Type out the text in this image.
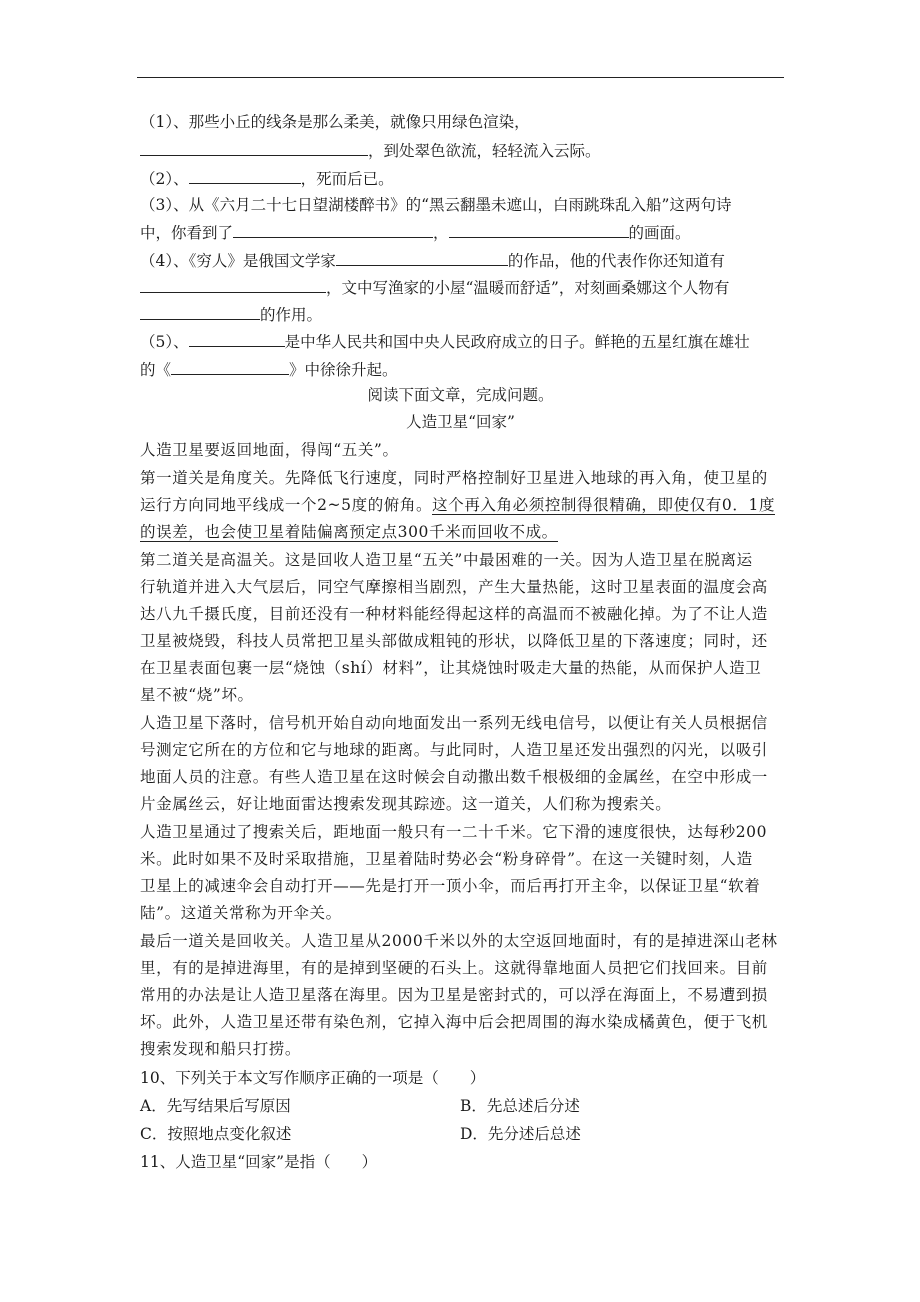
（1）、那些小丘的线条是那么柔美，就像只用绿色渲染，
，到处翠色欲流，轻轻流入云际。
（2）、	，死而后已。
（3）、从《六月二十七日望湖楼醉书》的“黑云翻墨未遮山，白雨跳珠乱入船”这两句诗
中，你看到了	，	的画面。
（4）、《穷人》是俄国文学家	的作品，他的代表作你还知道有
，文中写渔家的小屋“温暖而舒适”，对刻画桑娜这个人物有
的作用。
（5）、	是中华人民共和国中央人民政府成立的日子。鲜艳的五星红旗在雄壮
的《	》中徐徐升起。
阅读下面文章，完成问题。
人造卫星“回家”
人造卫星要返回地面，得闯“五关”。
第一道关是角度关。先降低飞行速度，同时严格控制好卫星进入地球的再入角，使卫星的
运行方向同地平线成一个2~5度的俯角。这个再入角必须控制得很精确，即使仅有0．1度
的误差，也会使卫星着陆偏离预定点300千米而回收不成。
第二道关是高温关。这是回收人造卫星“五关”中最困难的一关。因为人造卫星在脱离运
行轨道并进入大气层后，同空气摩擦相当剧烈，产生大量热能，这时卫星表面的温度会高
达八九千摄氏度，目前还没有一种材料能经得起这样的高温而不被融化掉。为了不让人造
卫星被烧毁，科技人员常把卫星头部做成粗钝的形状，以降低卫星的下落速度；同时，还
在卫星表面包裹一层“烧蚀（shí）材料”，让其烧蚀时吸走大量的热能，从而保护人造卫
星不被“烧”坏。
人造卫星下落时，信号机开始自动向地面发出一系列无线电信号，以便让有关人员根据信
号测定它所在的方位和它与地球的距离。与此同时，人造卫星还发出强烈的闪光，以吸引
地面人员的注意。有些人造卫星在这时候会自动撒出数千根极细的金属丝，在空中形成一
片金属丝云，好让地面雷达搜索发现其踪迹。这一道关，人们称为搜索关。
人造卫星通过了搜索关后，距地面一般只有一二十千米。它下滑的速度很快，达每秒200
米。此时如果不及时采取措施，卫星着陆时势必会“粉身碎骨”。在这一关键时刻，人造
卫星上的减速伞会自动打开——先是打开一顶小伞，而后再打开主伞，以保证卫星“软着
陆”。这道关常称为开伞关。
最后一道关是回收关。人造卫星从2000千米以外的太空返回地面时，有的是掉进深山老林
里，有的是掉进海里，有的是掉到坚硬的石头上。这就得靠地面人员把它们找回来。目前
常用的办法是让人造卫星落在海里。因为卫星是密封式的，可以浮在海面上，不易遭到损
坏。此外，人造卫星还带有染色剂，它掉入海中后会把周围的海水染成橘黄色，便于飞机
搜索发现和船只打捞。
10、下列关于本文写作顺序正确的一项是（　　）
A．先写结果后写原因	B．先总述后分述
C．按照地点变化叙述	D．先分述后总述
11、人造卫星“回家”是指（　　）
